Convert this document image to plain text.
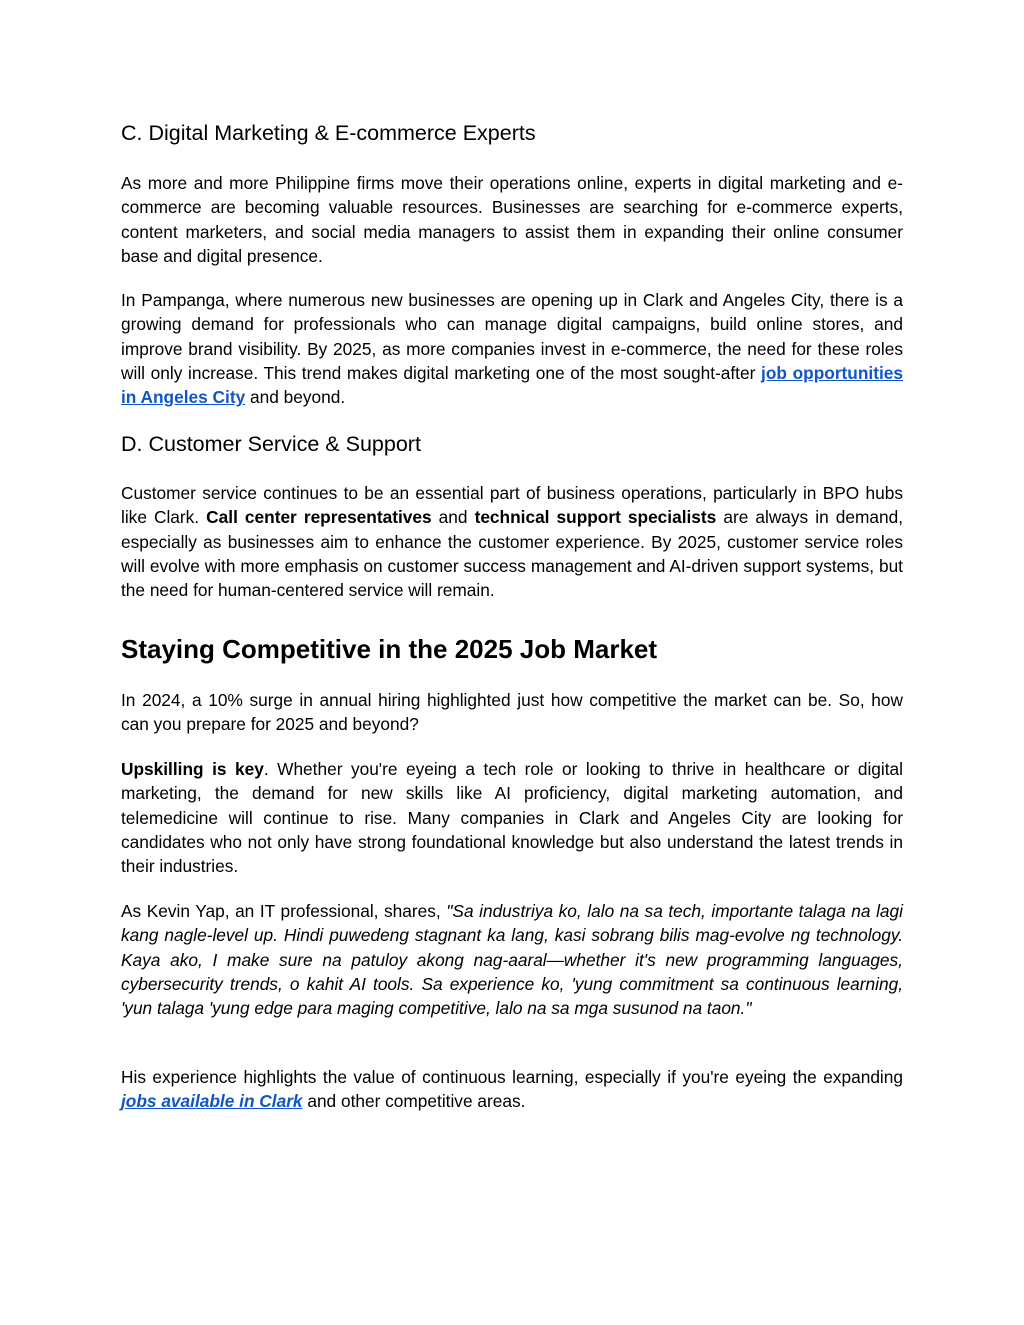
C. Digital Marketing & E-commerce Experts

As more and more Philippine firms move their operations online, experts in digital marketing and e-commerce are becoming valuable resources. Businesses are searching for e-commerce experts, content marketers, and social media managers to assist them in expanding their online consumer base and digital presence.

In Pampanga, where numerous new businesses are opening up in Clark and Angeles City, there is a growing demand for professionals who can manage digital campaigns, build online stores, and improve brand visibility. By 2025, as more companies invest in e-commerce, the need for these roles will only increase. This trend makes digital marketing one of the most sought-after job opportunities in Angeles City and beyond.

D. Customer Service & Support

Customer service continues to be an essential part of business operations, particularly in BPO hubs like Clark. Call center representatives and technical support specialists are always in demand, especially as businesses aim to enhance the customer experience. By 2025, customer service roles will evolve with more emphasis on customer success management and AI-driven support systems, but the need for human-centered service will remain.

Staying Competitive in the 2025 Job Market

In 2024, a 10% surge in annual hiring highlighted just how competitive the market can be. So, how can you prepare for 2025 and beyond?

Upskilling is key. Whether you're eyeing a tech role or looking to thrive in healthcare or digital marketing, the demand for new skills like AI proficiency, digital marketing automation, and telemedicine will continue to rise. Many companies in Clark and Angeles City are looking for candidates who not only have strong foundational knowledge but also understand the latest trends in their industries.

As Kevin Yap, an IT professional, shares, "Sa industriya ko, lalo na sa tech, importante talaga na lagi kang nagle-level up. Hindi puwedeng stagnant ka lang, kasi sobrang bilis mag-evolve ng technology. Kaya ako, I make sure na patuloy akong nag-aaral—whether it's new programming languages, cybersecurity trends, o kahit AI tools. Sa experience ko, 'yung commitment sa continuous learning, 'yun talaga 'yung edge para maging competitive, lalo na sa mga susunod na taon."

His experience highlights the value of continuous learning, especially if you're eyeing the expanding jobs available in Clark and other competitive areas.
